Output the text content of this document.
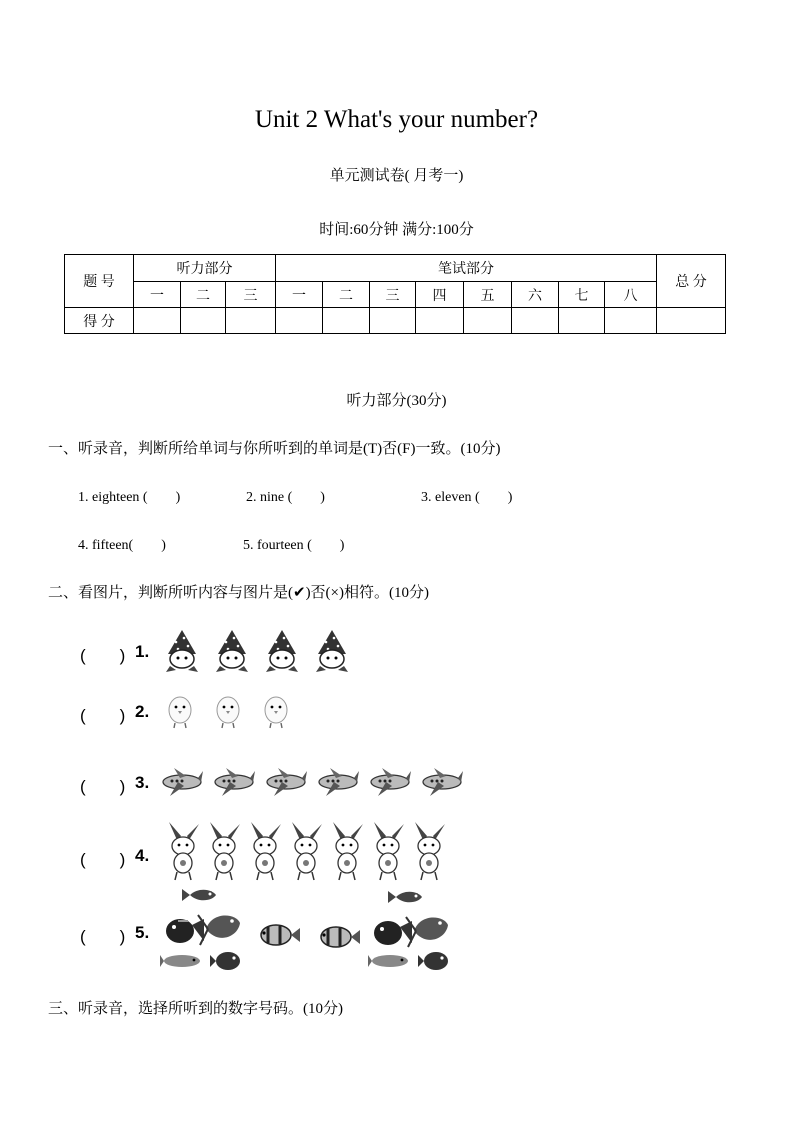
Unit 2 What's your number?
单元测试卷( 月考一)
时间:60分钟 满分:100分
题 号	听力部分			笔试部分								总 分
	一	二	三	一	二	三	四	五	六	七	八	
得 分												
听力部分(30分)
一、听录音，判断所给单词与你所听到的单词是(T)否(F)一致。(10分)
1. eighteen (　　)	2. nine (　　)	3. eleven (　　)
4. fifteen(　　)	5. fourteen (　　)
二、看图片，判断所听内容与图片是(✔)否(×)相符。(10分)
(　　) 1.
(　　) 2.
(　　) 3.
(　　) 4.
(　　) 5.
三、听录音，选择所听到的数字号码。(10分)
